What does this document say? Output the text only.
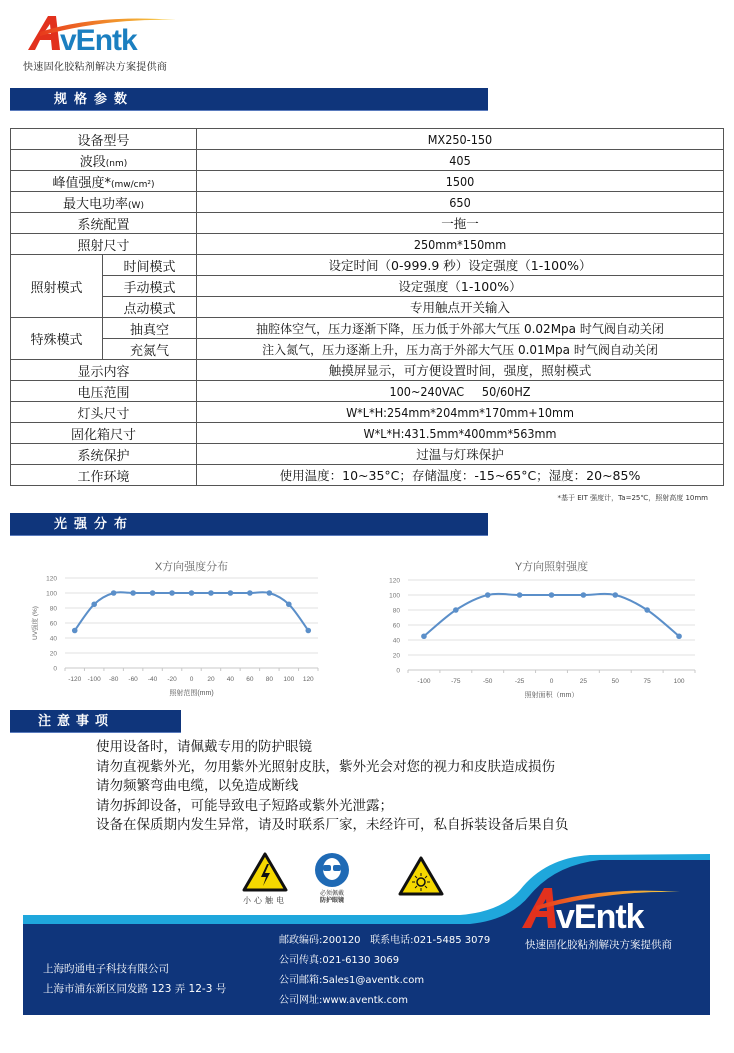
vEntk
快速固化胶粘剂解决方案提供商
规格参数
设备型号		MX250-150
波段(nm)		405
峰值强度*(mw/cm²)		1500
最大电功率(W)		650
系统配置		一拖一
照射尺寸		250mm*150mm
照射模式	时间模式	设定时间（0-999.9 秒）设定强度（1-100%）
	手动模式	设定强度（1-100%）
	点动模式	专用触点开关输入
特殊模式	抽真空	抽腔体空气，压力逐渐下降，压力低于外部大气压 0.02Mpa 时气阀自动关闭
	充氮气	注入氮气，压力逐渐上升，压力高于外部大气压 0.01Mpa 时气阀自动关闭
显示内容		触摸屏显示，可方便设置时间，强度，照射模式
电压范围		100~240VAC     50/60HZ
灯头尺寸		W*L*H:254mm*204mm*170mm+10mm
固化箱尺寸		W*L*H:431.5mm*400mm*563mm
系统保护		过温与灯珠保护
工作环境		使用温度：10~35°C；存储温度：-15~65°C；湿度：20~85%
*基于 EIT 强度计，Ta=25℃，照射高度 10mm
光强分布
X方向强度分布
0
20
40
60
80
100
120
-120 -100 -80 -60 -40 -20 0 20 40 60 80 100 120
照射范围(mm)
UV强度 (%)
Y方向照射强度
0
20
40
60
80
100
120
-100	-75	-50	-25	0	25	50	75	100
照射面积（mm）
注意事项
使用设备时，请佩戴专用的防护眼镜
请勿直视紫外光，勿用紫外光照射皮肤，紫外光会对您的视力和皮肤造成损伤
请勿频繁弯曲电缆，以免造成断线
请勿拆卸设备，可能导致电子短路或紫外光泄露；
设备在保质期内发生异常，请及时联系厂家，未经许可，私自拆装设备后果自负
小心触电
必须佩戴
防护眼镜	vEntk
上海昀通电子科技有限公司
上海市浦东新区同发路 123 弄 12-3 号
邮政编码:200120   联系电话:021-5485 3079
公司传真:021-6130 3069
公司邮箱:Sales1@aventk.com
公司网址:www.aventk.com
快速固化胶粘剂解决方案提供商
